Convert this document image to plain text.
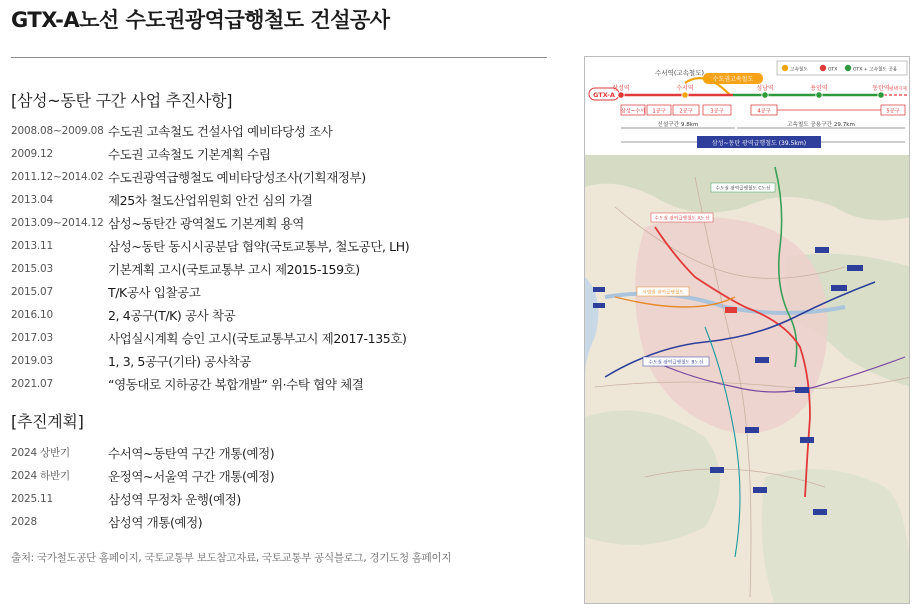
GTX-A노선 수도권광역급행철도 건설공사
[삼성~동탄 구간 사업 추진사항]
2008.08~2009.08 수도권 고속철도 건설사업 예비타당성 조사
2009.12	수도권 고속철도 기본계획 수립
2011.12~2014.02 수도권광역급행철도 예비타당성조사(기획재정부)
2013.04	제25차 철도산업위원회 안건 심의 가결
2013.09~2014.12 삼성~동탄간 광역철도 기본계획 용역
2013.11	삼성~동탄 동시시공분담 협약(국토교통부, 철도공단, LH)
2015.03	기본계획 고시(국토교통부 고시 제2015-159호)
2015.07	T/K공사 입찰공고
2016.10	2, 4공구(T/K) 공사 착공
2017.03	사업실시계획 승인 고시(국토교통부고시 제2017-135호)
2019.03	1, 3, 5공구(기타) 공사착공
2021.07	“영동대로 지하공간 복합개발” 위·수탁 협약 체결
[추진계획]
2024 상반기	수서역~동탄역 구간 개통(예정)
2024 하반기	운정역~서울역 구간 개통(예정)
2025.11	삼성역 무정차 운행(예정)
2028	삼성역 개통(예정)
출처: 국가철도공단 홈페이지, 국토교통부 보도참고자료, 국토교통부 공식블로그, 경기도청 홈페이지
고속철도	GTX	GTX + 고속철도 공용
수서역(고속철도)
수도권고속철도
GTX-A
삼성역	수서역	성남역	용인역	동탄역 평택지제
삼성~수서 1공구	2공구	3공구	4공구	5공구
신설구간 9.8km	고속철도 공용구간 29.7km
삼성~동탄 광역급행철도 (39.5km)
수도권 광역급행철도 C노선
수도권 광역급행철도 A노선
시범권 광역급행철도
수도권 광역급행철도 B노선
